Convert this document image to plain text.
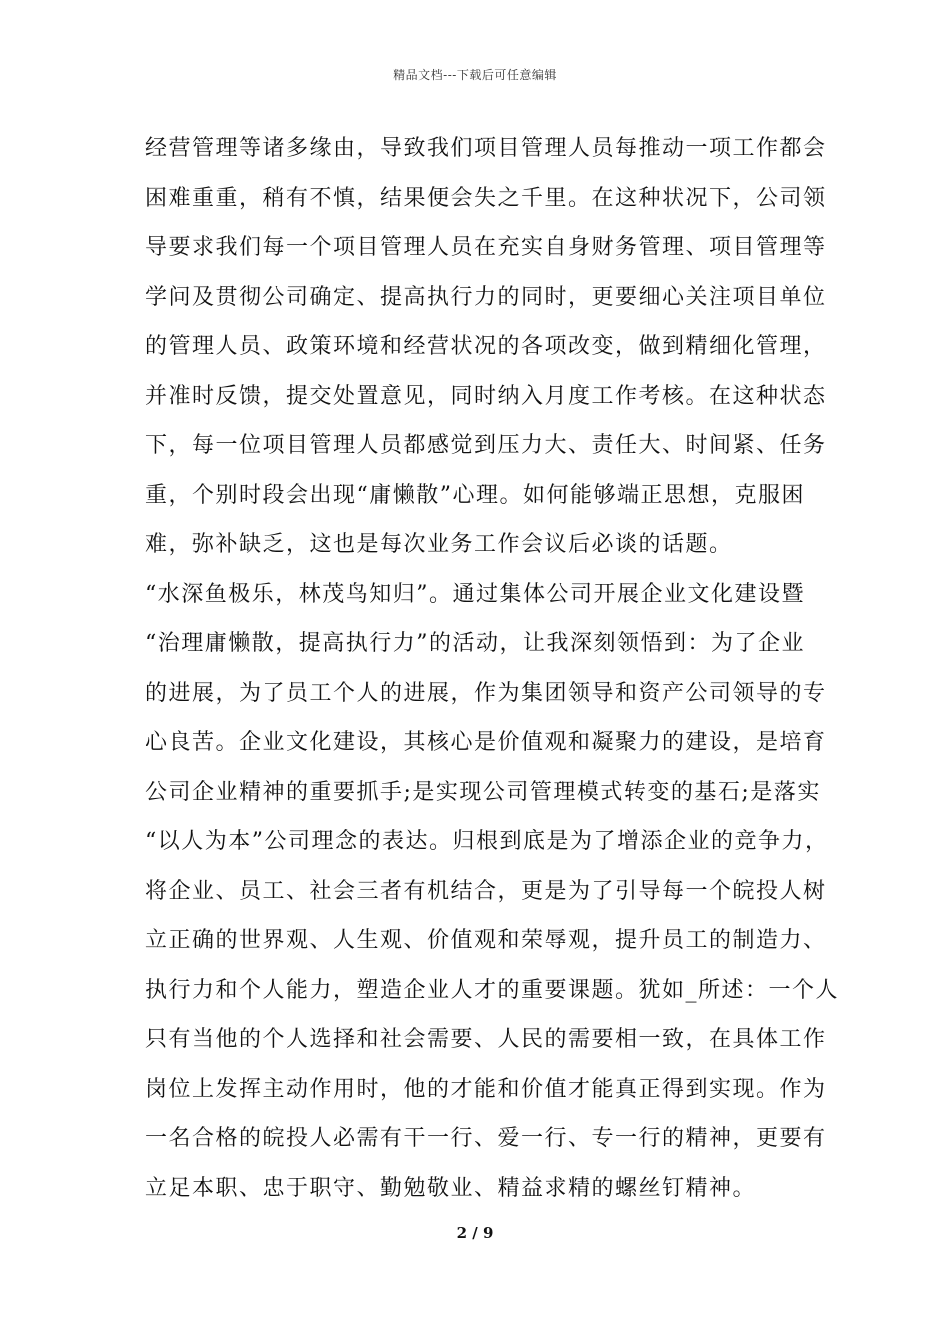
精品文档---下载后可任意编辑
经营管理等诸多缘由，导致我们项目管理人员每推动一项工作都会
困难重重，稍有不慎，结果便会失之千里。在这种状况下，公司领
导要求我们每一个项目管理人员在充实自身财务管理、项目管理等
学问及贯彻公司确定、提高执行力的同时，更要细心关注项目单位
的管理人员、政策环境和经营状况的各项改变，做到精细化管理，
并准时反馈，提交处置意见，同时纳入月度工作考核。在这种状态
下，每一位项目管理人员都感觉到压力大、责任大、时间紧、任务
重，个别时段会出现“庸懒散”心理。如何能够端正思想，克服困
难，弥补缺乏，这也是每次业务工作会议后必谈的话题。
“水深鱼极乐，林茂鸟知归”。通过集体公司开展企业文化建设暨
“治理庸懒散，提高执行力”的活动，让我深刻领悟到：为了企业
的进展，为了员工个人的进展，作为集团领导和资产公司领导的专
心良苦。企业文化建设，其核心是价值观和凝聚力的建设，是培育
公司企业精神的重要抓手;是实现公司管理模式转变的基石;是落实
“以人为本”公司理念的表达。归根到底是为了增添企业的竞争力，
将企业、员工、社会三者有机结合，更是为了引导每一个皖投人树
立正确的世界观、人生观、价值观和荣辱观，提升员工的制造力、
执行力和个人能力，塑造企业人才的重要课题。犹如_所述：一个人
只有当他的个人选择和社会需要、人民的需要相一致，在具体工作
岗位上发挥主动作用时，他的才能和价值才能真正得到实现。作为
一名合格的皖投人必需有干一行、爱一行、专一行的精神，更要有
立足本职、忠于职守、勤勉敬业、精益求精的螺丝钉精神。
2 / 9
